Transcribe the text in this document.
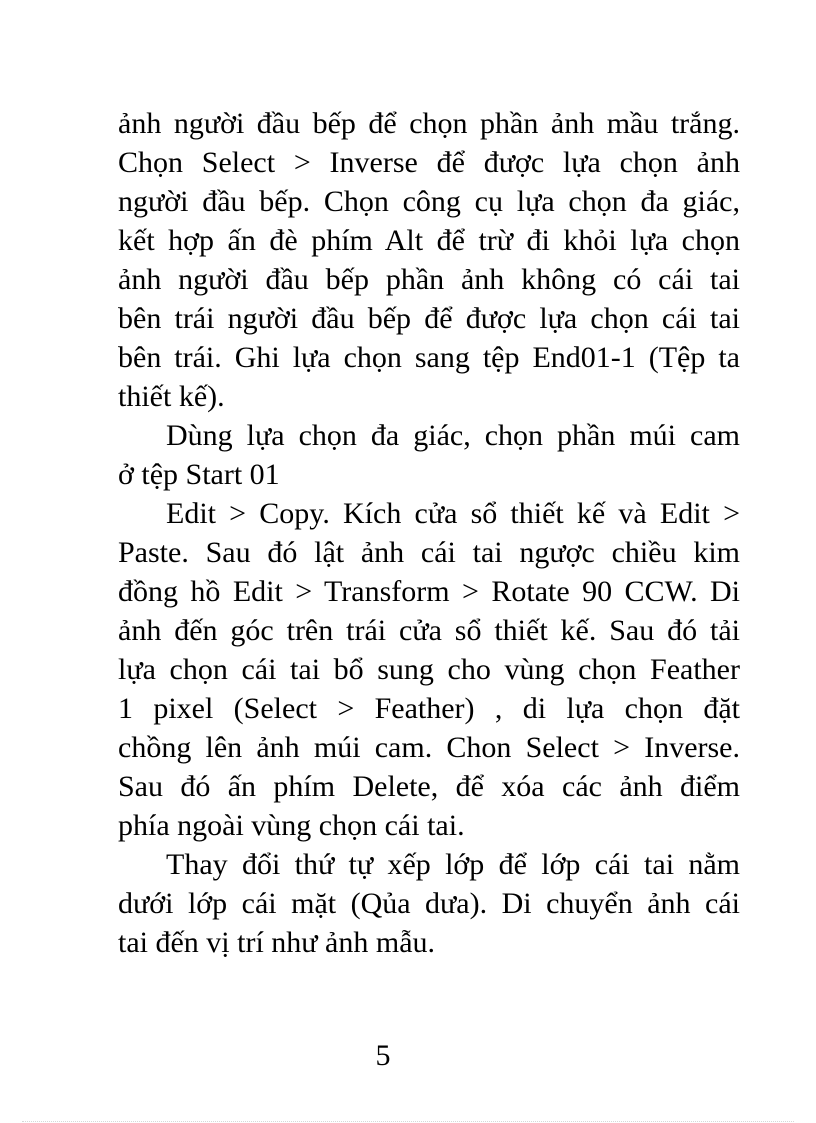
ảnh người đầu bếp để chọn phần ảnh mầu trắng.
Chọn Select > Inverse để được lựa chọn ảnh
người đầu bếp. Chọn công cụ lựa chọn đa giác,
kết hợp ấn đè phím Alt để trừ đi khỏi lựa chọn
ảnh người đầu bếp phần ảnh không có cái tai
bên trái người đầu bếp để được lựa chọn cái tai
bên trái. Ghi lựa chọn sang tệp End01-1 (Tệp ta
thiết kế).

Dùng lựa chọn đa giác, chọn phần múi cam
ở tệp Start 01

Edit > Copy. Kích cửa sổ thiết kế và Edit >
Paste. Sau đó lật ảnh cái tai ngược chiều kim
đồng hồ Edit > Transform > Rotate 90 CCW. Di
ảnh đến góc trên trái cửa sổ thiết kế. Sau đó tải
lựa chọn cái tai bổ sung cho vùng chọn Feather
1 pixel (Select > Feather) , di lựa chọn đặt
chồng lên ảnh múi cam. Chon Select > Inverse.
Sau đó ấn phím Delete, để xóa các ảnh điểm
phía ngoài vùng chọn cái tai.

Thay đổi thứ tự xếp lớp để lớp cái tai nằm
dưới lớp cái mặt (Qủa dưa). Di chuyển ảnh cái
tai đến vị trí như ảnh mẫu.

5
